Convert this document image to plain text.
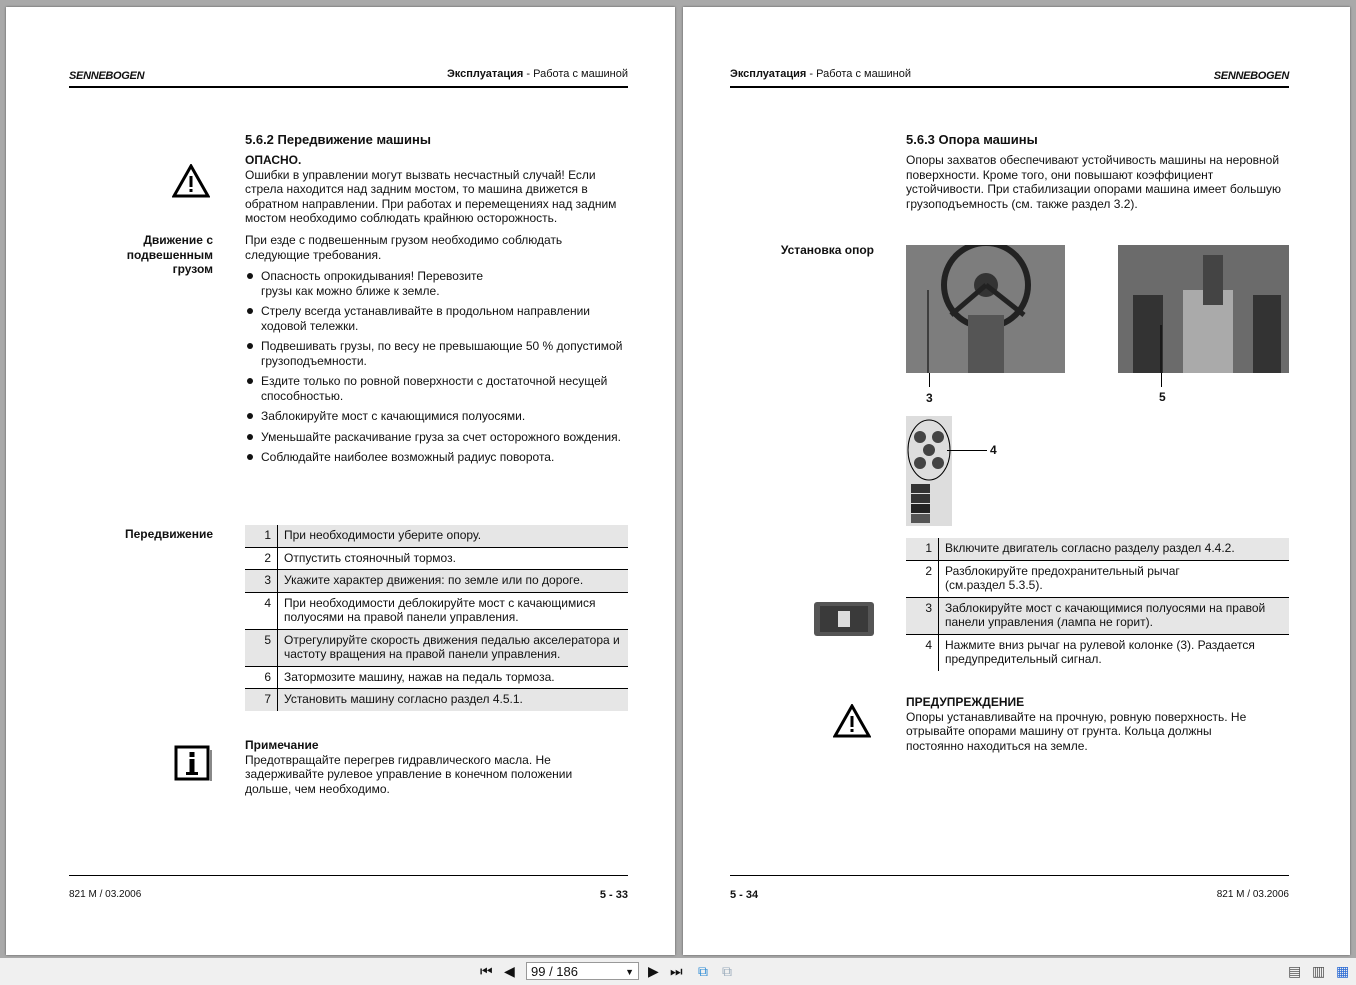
SENNEBOGEN	Эксплуатация - Работа с машиной
5.6.2 Передвижение машины
ОПАСНО.
Ошибки в управлении могут вызвать несчастный случай! Если стрела находится над задним мостом, то машина движется в обратном направлении. При работах и перемещениях над задним мостом необходимо соблюдать крайнюю осторожность.
Движение с подвешенным грузом
При езде с подвешенным грузом необходимо соблюдать следующие требования.
Опасность опрокидывания! Перевозите грузы как можно ближе к земле.
Стрелу всегда устанавливайте в продольном направлении ходовой тележки.
Подвешивать грузы, по весу не превышающие 50 % допустимой грузоподъемности.
Ездите только по ровной поверхности с достаточной несущей способностью.
Заблокируйте мост с качающимися полуосями.
Уменьшайте раскачивание груза за счет осторожного вождения.
Соблюдайте наиболее возможный радиус поворота.
Передвижение	1	При необходимости уберите опору.
2	Отпустить стояночный тормоз.
3	Укажите характер движения: по земле или по дороге.
4	При необходимости деблокируйте мост с качающимися полуосями на правой панели управления.
5	Отрегулируйте скорость движения педалью акселератора и частоту вращения на правой панели управления.
6	Затормозите машину, нажав на педаль тормоза.
7	Установить машину согласно раздел 4.5.1.
Примечание
Предотвращайте перегрев гидравлического масла. Не задерживайте рулевое управление в конечном положении дольше, чем необходимо.
821 M / 03.2006	5 - 33
Эксплуатация - Работа с машиной	SENNEBOGEN
5.6.3 Опора машины
Опоры захватов обеспечивают устойчивость машины на неровной поверхности. Кроме того, они повышают коэффициент устойчивости. При стабилизации опорами машина имеет большую грузоподъемность (см. также раздел 3.2).
Установка опор
3	5
4
1	Включите двигатель согласно разделу раздел 4.4.2.
2	Разблокируйте предохранительный рычаг (см.раздел 5.3.5).
3	Заблокируйте мост с качающимися полуосями на правой панели управления (лампа не горит).
4	Нажмите вниз рычаг на рулевой колонке (3). Раздается предупредительный сигнал.
ПРЕДУПРЕЖДЕНИЕ
Опоры устанавливайте на прочную, ровную поверхность. Не отрывайте опорами машину от грунта. Кольца должны постоянно находиться на земле.
5 - 34	821 M / 03.2006
⏮ ◀	99 / 186	▼ ▶ ⏭ ⧉ ⧉	▤ ▥ ▦
